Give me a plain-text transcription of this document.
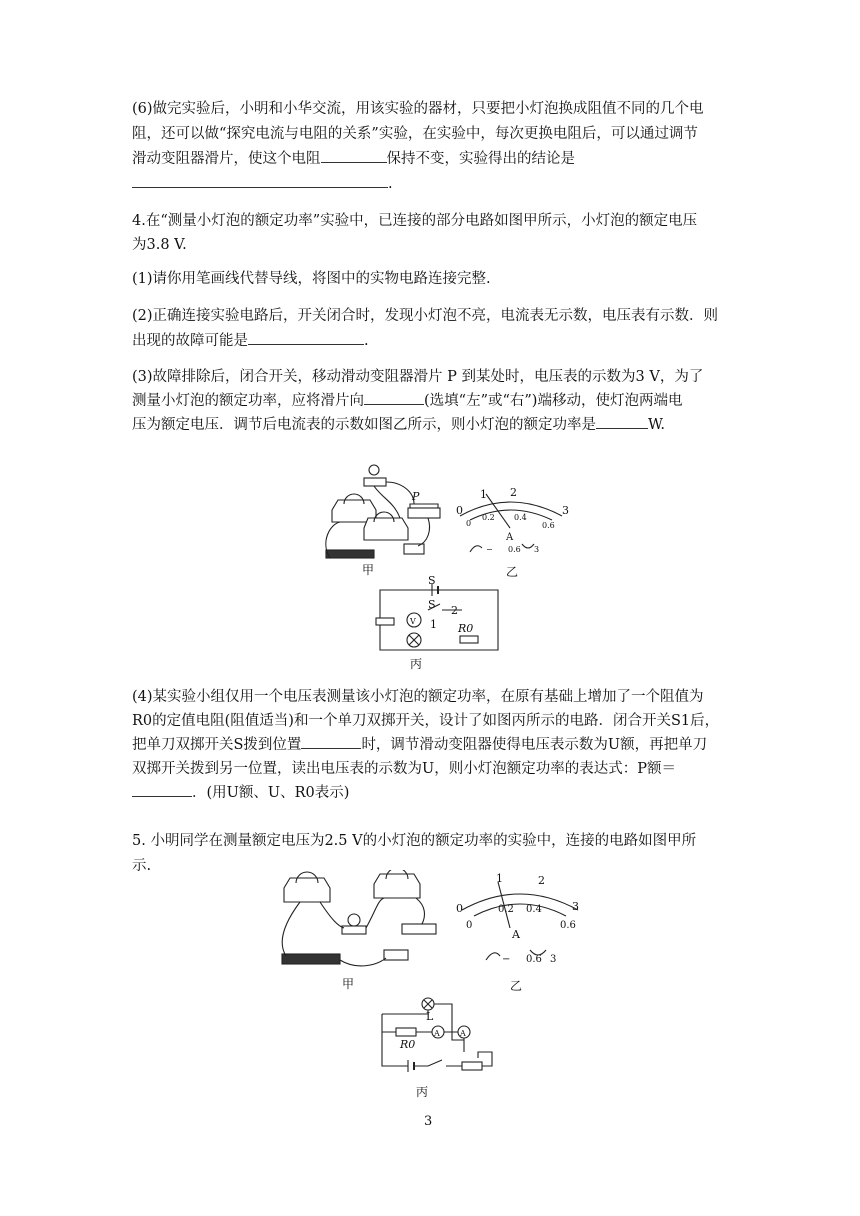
(6)做完实验后，小明和小华交流，用该实验的器材，只要把小灯泡换成阻值不同的几个电
阻，还可以做“探究电流与电阻的关系”实验，在实验中，每次更换电阻后，可以通过调节
滑动变阻器滑片，使这个电阻	保持不变，实验得出的结论是
.
4.在“测量小灯泡的额定功率”实验中，已连接的部分电路如图甲所示，小灯泡的额定电压
为3.8 V.
(1)请你用笔画线代替导线，将图中的实物电路连接完整.
(2)正确连接实验电路后，开关闭合时，发现小灯泡不亮，电流表无示数，电压表有示数．则
出现的故障可能是	.
(3)故障排除后，闭合开关，移动滑动变阻器滑片 P 到某处时，电压表的示数为3 V，为了
测量小灯泡的额定功率，应将滑片向	(选填“左”或“右”)端移动，使灯泡两端电
压为额定电压．调节后电流表的示数如图乙所示，则小灯泡的额定功率是	W.
P	1 2
0	3
0
0.2 0.4
0.6
A
− 0.6 3
甲	乙
S
S 2
1
V
R0
丙
(4)某实验小组仅用一个电压表测量该小灯泡的额定功率，在原有基础上增加了一个阻值为
R0的定值电阻(阻值适当)和一个单刀双掷开关，设计了如图丙所示的电路．闭合开关S1后，
把单刀双掷开关S拨到位置	时，调节滑动变阻器使得电压表示数为U额，再把单刀
双掷开关拨到另一位置，读出电压表的示数为U，则小灯泡额定功率的表达式：P额＝
．(用U额、U、R0表示)
5. 小明同学在测量额定电压为2.5 V的小灯泡的额定功率的实验中，连接的电路如图甲所
示.
1	2
0	3
0
0.2 0.4
0.6
A
− 0.6 3
甲	乙
L
R0
A	A
丙
3
